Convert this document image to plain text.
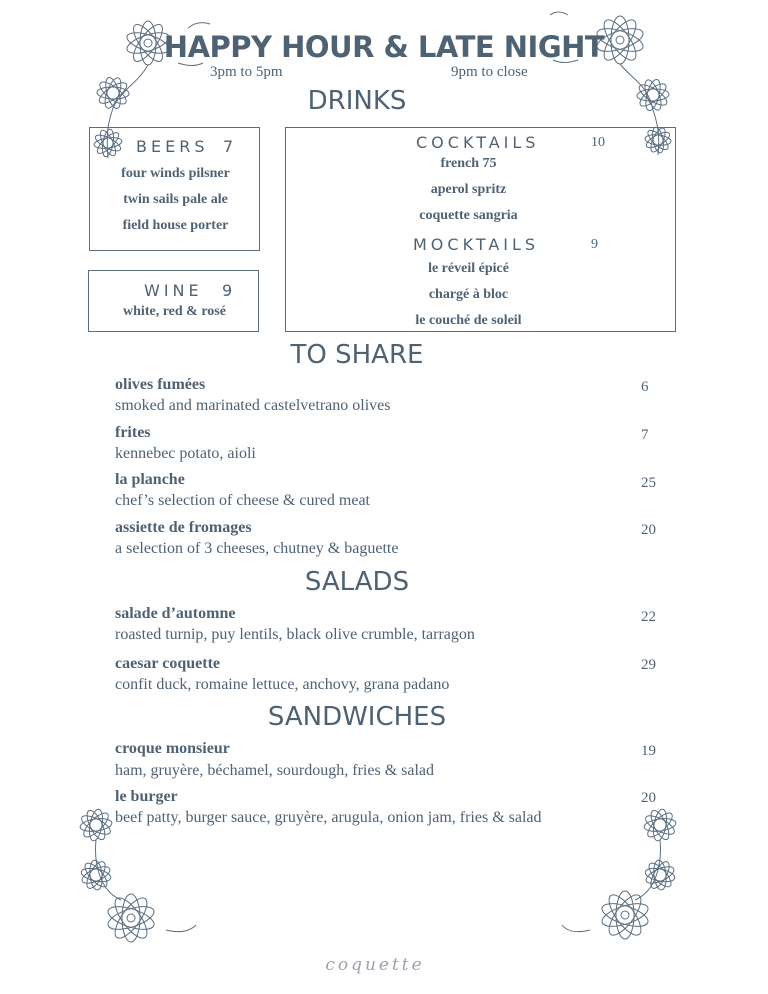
HAPPY HOUR & LATE NIGHT
3pm to 5pm	9pm to close
DRINKS
BEERS 7
four winds pilsner
twin sails pale ale
field house porter
WINE 9
white, red & rosé
COCKTAILS	10
french 75
aperol spritz
coquette sangria
MOCKTAILS	9
le réveil épicé
chargé à bloc
le couché de soleil
TO SHARE
olives fumées	6
smoked and marinated castelvetrano olives
frites	7
kennebec potato, aioli
la planche	25
chef’s selection of cheese & cured meat
assiette de fromages	20
a selection of 3 cheeses, chutney & baguette
SALADS
salade d’automne	22
roasted turnip, puy lentils, black olive crumble, tarragon
caesar coquette	29
confit duck, romaine lettuce, anchovy, grana padano
SANDWICHES
croque monsieur	19
ham, gruyère, béchamel, sourdough, fries & salad
le burger	20
beef patty, burger sauce, gruyère, arugula, onion jam, fries & salad
coquette
